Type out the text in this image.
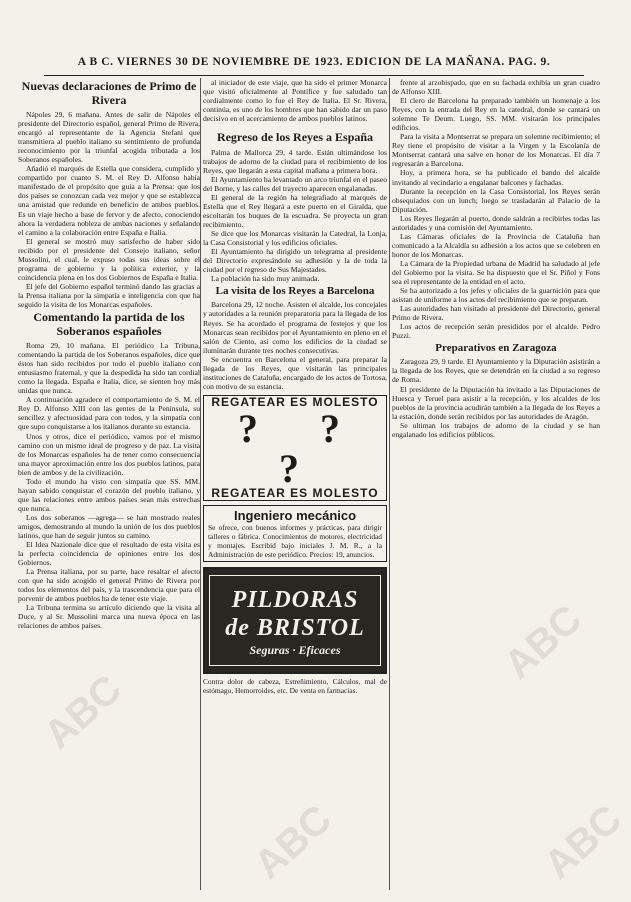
A B C. VIERNES 30 DE NOVIEMBRE DE 1923. EDICION DE LA MAÑANA. PAG. 9.
Nuevas declaraciones de Primo de Rivera

Nápoles 29, 6 mañana. Antes de salir de Nápoles el presidente del Directorio español, general Primo de Rivera, encargó al representante de la Agencia Stefani que transmitiera al pueblo italiano su sentimiento de profunda reconocimiento por la triunfal acogida tributada a los Soberanos españoles.

Añadió el marqués de Estella que considera, cumplido y compartido por cuanto S. M. el Rey D. Alfonso había manifestado de el propósito que guía a la Prensa: que los dos países se conozcan cada vez mejor y que se establezca una amistad que redunde en beneficio de ambos pueblos. Es un viaje hecho a base de fervor y de afecto, conociendo ahora la verdadera nobleza de ambas naciones y señalando el camino a la colaboración entre España e Italia.

El general se mostró muy satisfecho de haber sido recibido por el presidente del Consejo italiano, señor Mussolini, el cual, le expuso todas sus ideas sobre el programa de gobierno y la política exterior, y la coincidencia plena en los dos Gobiernos de España e Italia.

El jefe del Gobierno español terminó dando las gracias a la Prensa italiana por la simpatía e inteligencia con que ha seguido la visita de los Monarcas españoles.

Comentando la partida de los Soberanos españoles

Roma 29, 10 mañana. El periódico La Tribuna, comentando la partida de los Soberanos españoles, dice que éstos han sido recibidos por todo el pueblo italiano con entusiasmo fraternal, y que la despedida ha sido tan cordial como la llegada. España e Italia, dice, se sienten hoy más unidas que nunca.

A continuación agradece el comportamiento de S. M. el Rey D. Alfonso XIII con las gentes de la Península, su sencillez y afectuosidad para con todos, y la simpatía con que supo conquistarse a los italianos durante su estancia.

Unos y otros, dice el periódico, vamos por el mismo camino con un mismo ideal de progreso y de paz. La visita de los Monarcas españoles ha de tener como consecuencia una mayor aproximación entre los dos pueblos latinos, para bien de ambos y de la civilización.

Todo el mundo ha visto con simpatía que SS. MM. hayan sabido conquistar el corazón del pueblo italiano, y que las relaciones entre ambos países sean más estrechas que nunca.

Los dos soberanos —agrega— se han mostrado reales amigos, demostrando al mundo la unión de los dos pueblos latinos, que han de seguir juntos su camino.

El Idea Nazionale dice que el resultado de esta visita es la perfecta coincidencia de opiniones entre los dos Gobiernos.

La Prensa italiana, por su parte, hace resaltar el afecto con que ha sido acogido el general Primo de Rivera por todos los elementos del país, y la trascendencia que para el porvenir de ambos pueblos ha de tener este viaje.

La Tribuna termina su artículo diciendo que la visita al Duce, y al Sr. Mussolini marca una nueva época en las relaciones de ambos países.

al iniciador de este viaje, que ha sido el primer Monarca que visitó oficialmente al Pontífice y fue saludado tan cordialmente como lo fue el Rey de Italia. El Sr. Rivera, continúa, es uno de los hombres que han sabido dar un paso decisivo en el acercamiento de ambos pueblos latinos.

Regreso de los Reyes a España

Palma de Mallorca 29, 4 tarde. Están ultimándose los trabajos de adorno de la ciudad para el recibimiento de los Reyes, que llegarán a esta capital mañana a primera hora.

El Ayuntamiento ha levantado un arco triunfal en el paseo del Borne, y las calles del trayecto aparecen engalanadas.

El general de la región ha telegrafiado al marqués de Estella que el Rey llegará a este puerto en el Giralda, que escoltarán los buques de la escuadra. Se proyecta un gran recibimiento.

Se dice que los Monarcas visitarán la Catedral, la Lonja, la Casa Consistorial y los edificios oficiales.

El Ayuntamiento ha dirigido un telegrama al presidente del Directorio expresándole su adhesión y la de toda la ciudad por el regreso de Sus Majestades.

La población ha sido muy animada.

La visita de los Reyes a Barcelona

Barcelona 29, 12 noche. Asisten el alcalde, los concejales y autoridades a la reunión preparatoria para la llegada de los Reyes. Se ha acordado el programa de festejos y que los Monarcas sean recibidos por el Ayuntamiento en pleno en el salón de Ciento, así como los edificios de la ciudad se iluminarán durante tres noches consecutivas.

Se encuentra en Barcelona el general, para preparar la llegada de los Reyes, que visitarán las principales instituciones de Cataluña, encargado de los actos de Tortosa, con motivo de su estancia.

REGATEAR ES MOLESTO
? ? ?
REGATEAR ES MOLESTO
Ingeniero mecánico
Se ofrece, con buenos informes y prácticas, para dirigir talleres o fábrica. Conocimientos de motores, electricidad y montajes. Escribid bajo iniciales J. M. R., a la Administración de este periódico. Precios: 19, anuncios.
PILDORAS
de BRISTOL
Seguras · Eficaces
Contra dolor de cabeza, Estreñimiento, Cálculos, mal de estómago, Hemorroides, etc. De venta en farmacias.

frente al arzobispado, que en su fachada exhibía un gran cuadro de Alfonso XIII.

El clero de Barcelona ha preparado también un homenaje a los Reyes, con la entrada del Rey en la catedral, donde se cantará un solemne Te Deum. Luego, SS. MM. visitarán los principales edificios.

Para la visita a Montserrat se prepara un solemne recibimiento; el Rey tiene el propósito de visitar a la Virgen y la Escolanía de Montserrat cantará una salve en honor de los Monarcas. El día 7 regresarán a Barcelona.

Hoy, a primera hora, se ha publicado el bando del alcalde invitando al vecindario a engalanar balcones y fachadas.

Durante la recepción en la Casa Consistorial, los Reyes serán obsequiados con un lunch; luego se trasladarán al Palacio de la Diputación.

Los Reyes llegarán al puerto, donde saldrán a recibirles todas las autoridades y una comisión del Ayuntamiento.

Las Cámaras oficiales de la Provincia de Cataluña han comunicado a la Alcaldía su adhesión a los actos que se celebren en honor de los Monarcas.

La Cámara de la Propiedad urbana de Madrid ha saludado al jefe del Gobierno por la visita. Se ha dispuesto que el Sr. Piñol y Fons sea el representante de la entidad en el acto.

Se ha autorizado a los jefes y oficiales de la guarnición para que asistan de uniforme a los actos del recibimiento que se preparan.

Las autoridades han visitado al presidente del Directorio, general Primo de Rivera.

Los actos de recepción serán presididos por el alcalde. Pedro Puzzi.

Preparativos en Zaragoza

Zaragoza 29, 9 tarde. El Ayuntamiento y la Diputación asistirán a la llegada de los Reyes, que se detendrán en la ciudad a su regreso de Roma.

El presidente de la Diputación ha invitado a las Diputaciones de Huesca y Teruel para asistir a la recepción, y los alcaldes de los pueblos de la provincia acudirán también a la llegada de los Reyes a la estación, donde serán recibidos por las autoridades de Aragón.

Se ultiman los trabajos de adorno de la ciudad y se han engalanado los edificios públicos.

ABC
ABC
ABC
ABC
